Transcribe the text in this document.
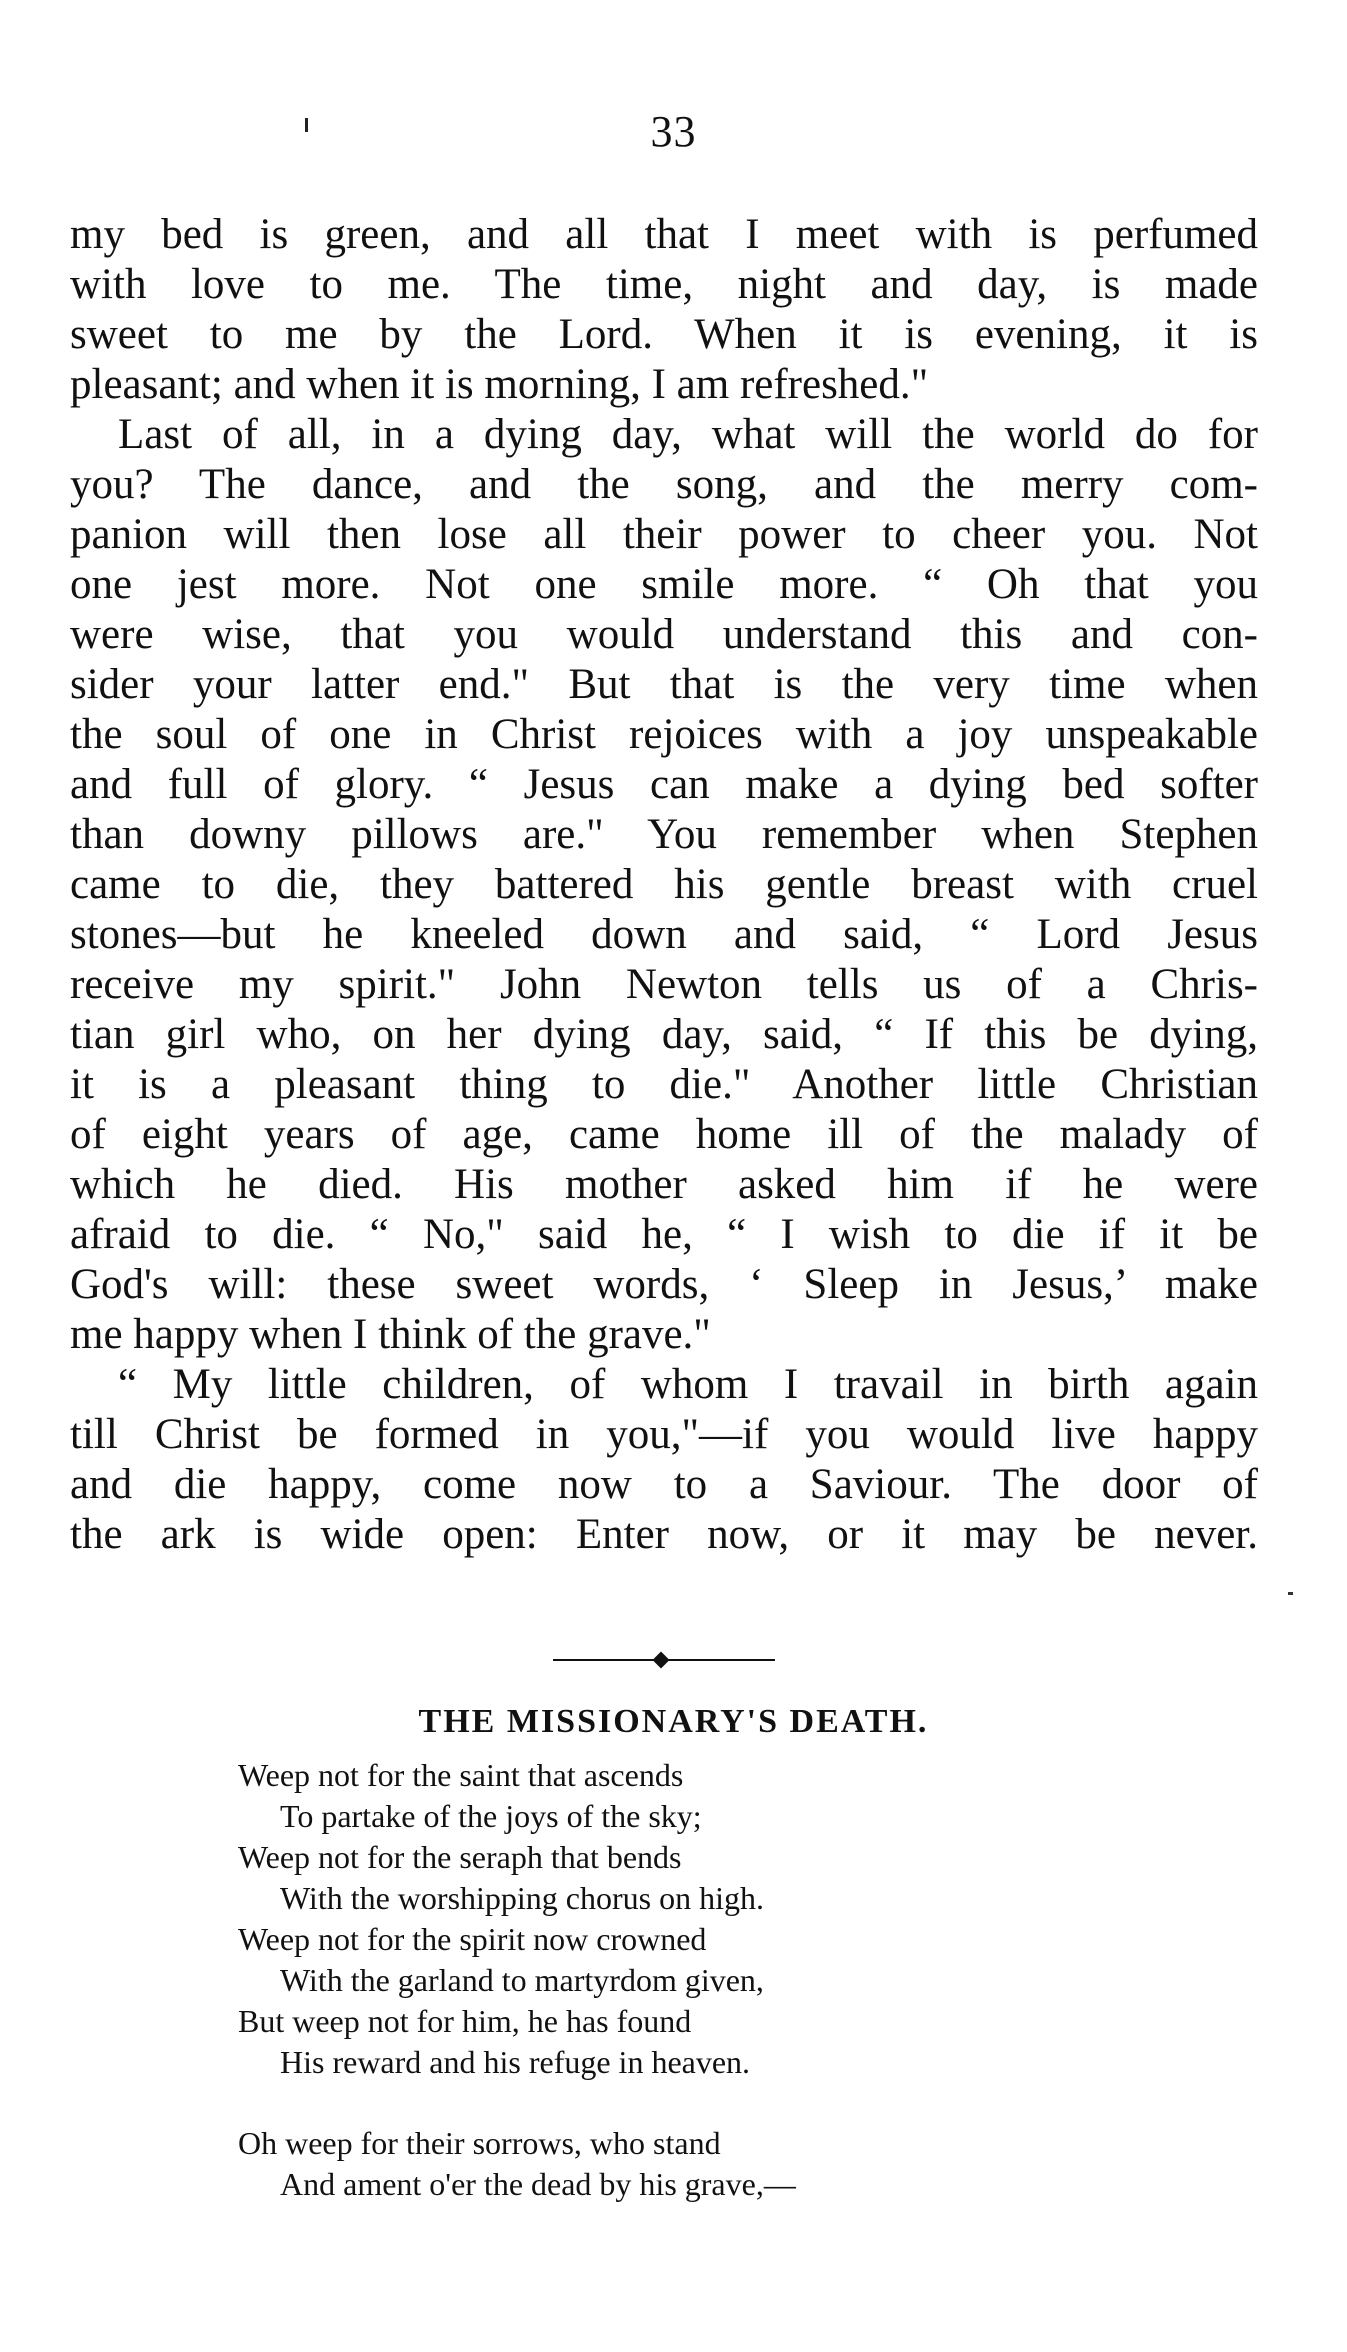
33
my bed is green, and all that I meet with is perfumed
with love to me. The time, night and day, is made
sweet to me by the Lord. When it is evening, it is
pleasant; and when it is morning, I am refreshed."
Last of all, in a dying day, what will the world do for
you? The dance, and the song, and the merry com-
panion will then lose all their power to cheer you. Not
one jest more. Not one smile more. “ Oh that you
were wise, that you would understand this and con-
sider your latter end." But that is the very time when
the soul of one in Christ rejoices with a joy unspeakable
and full of glory. “ Jesus can make a dying bed softer
than downy pillows are." You remember when Stephen
came to die, they battered his gentle breast with cruel
stones—but he kneeled down and said, “ Lord Jesus
receive my spirit." John Newton tells us of a Chris-
tian girl who, on her dying day, said, “ If this be dying,
it is a pleasant thing to die." Another little Christian
of eight years of age, came home ill of the malady of
which he died. His mother asked him if he were
afraid to die. “ No," said he, “ I wish to die if it be
God's will: these sweet words, ‘ Sleep in Jesus,’ make
me happy when I think of the grave."
“ My little children, of whom I travail in birth again
till Christ be formed in you,"—if you would live happy
and die happy, come now to a Saviour. The door of
the ark is wide open: Enter now, or it may be never.
THE MISSIONARY'S DEATH.
Weep not for the saint that ascends
To partake of the joys of the sky;
Weep not for the seraph that bends
With the worshipping chorus on high.
Weep not for the spirit now crowned
With the garland to martyrdom given,
But weep not for him, he has found
His reward and his refuge in heaven.
Oh weep for their sorrows, who stand
And ament o'er the dead by his grave,—
